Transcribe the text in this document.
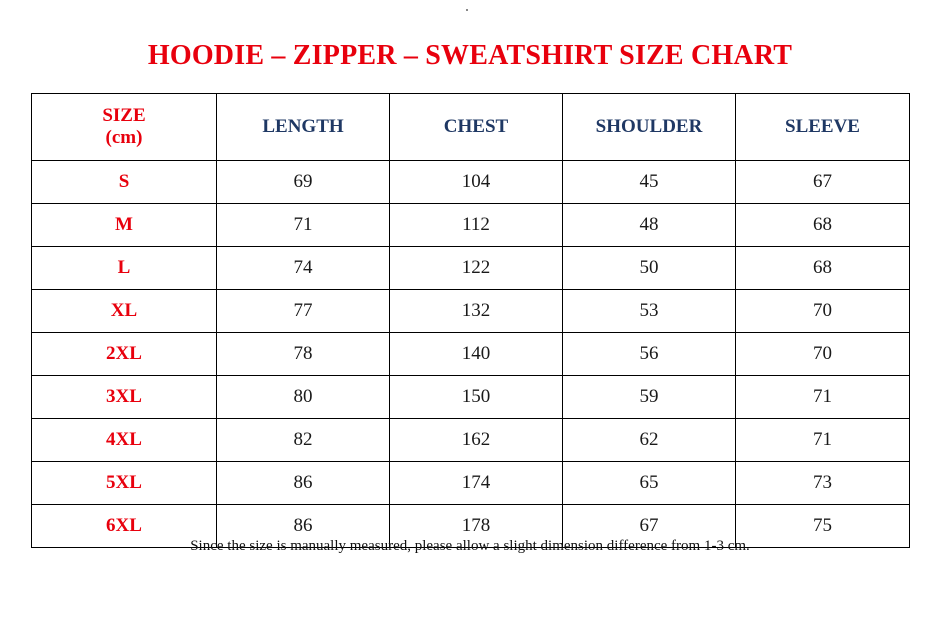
HOODIE – ZIPPER – SWEATSHIRT SIZE CHART
SIZE
(cm)	LENGTH	CHEST	SHOULDER	SLEEVE
S	69	104	45	67
M	71	112	48	68
L	74	122	50	68
XL	77	132	53	70
2XL	78	140	56	70
3XL	80	150	59	71
4XL	82	162	62	71
5XL	86	174	65	73
6XL	86	178	67	75
Since the size is manually measured, please allow a slight dimension difference from 1-3 cm.
